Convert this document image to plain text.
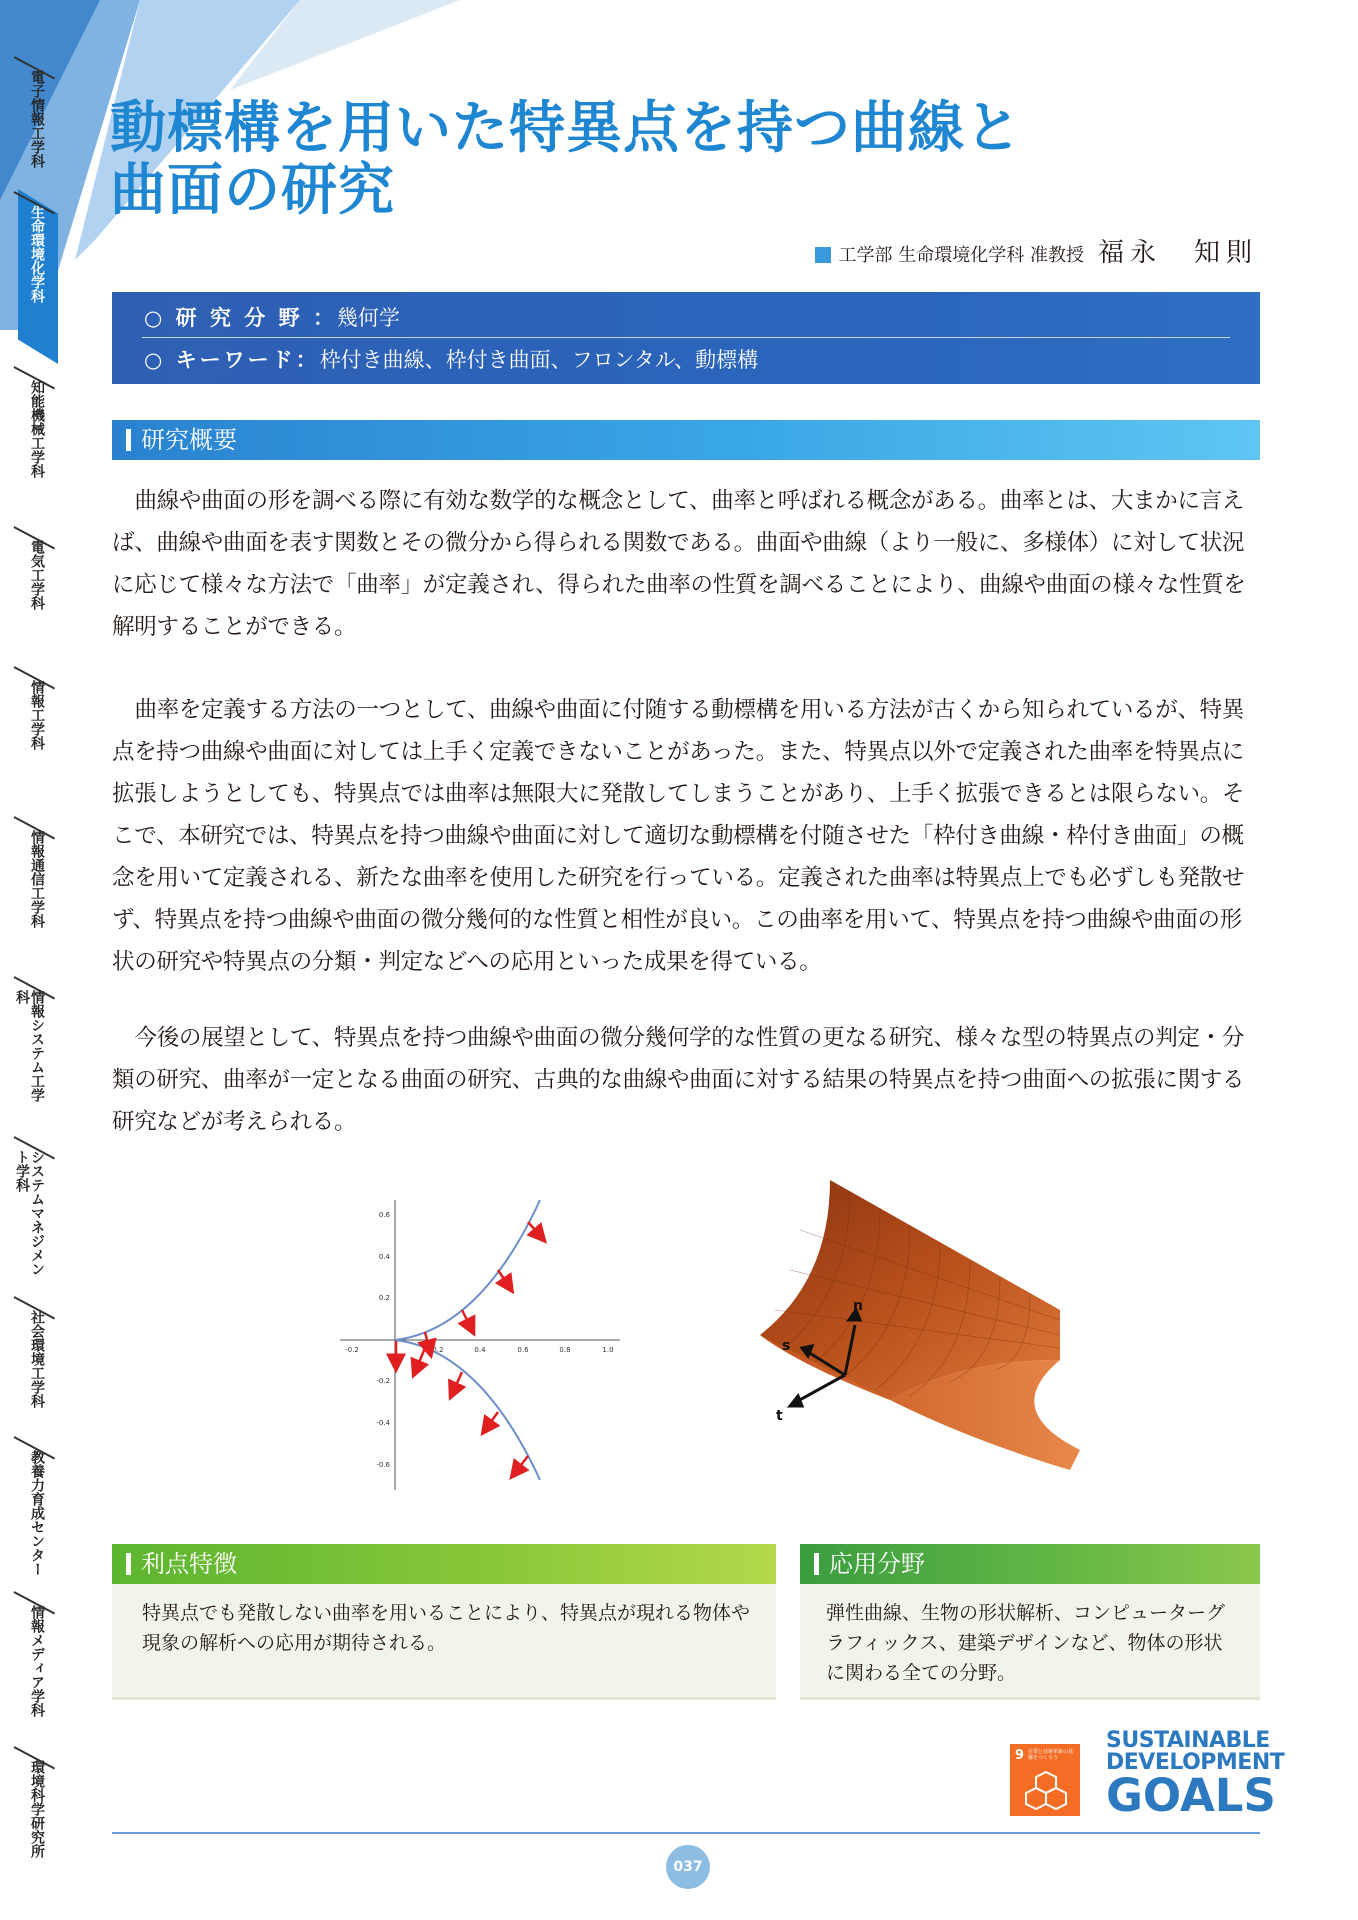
電子情報工学科
生命環境化学科
知能機械工学科
電気工学科
情報工学科
情報通信工学科
情報システム工学科
システムマネジメント学科
社会環境工学科
教養力育成センター
情報メディア学科
環境科学研究所
動標構を用いた特異点を持つ曲線と
曲面の研究
工学部 生命環境化学科 准教授 福永　知則
○ 研 究 分 野 ：幾何学
○ キーワード：枠付き曲線、枠付き曲面、フロンタル、動標構
研究概要
曲線や曲面の形を調べる際に有効な数学的な概念として、曲率と呼ばれる概念がある。曲率とは、大まかに言えば、曲線や曲面を表す関数とその微分から得られる関数である。曲面や曲線（より一般に、多様体）に対して状況に応じて様々な方法で「曲率」が定義され、得られた曲率の性質を調べることにより、曲線や曲面の様々な性質を解明することができる。
曲率を定義する方法の一つとして、曲線や曲面に付随する動標構を用いる方法が古くから知られているが、特異点を持つ曲線や曲面に対しては上手く定義できないことがあった。また、特異点以外で定義された曲率を特異点に拡張しようとしても、特異点では曲率は無限大に発散してしまうことがあり、上手く拡張できるとは限らない。そこで、本研究では、特異点を持つ曲線や曲面に対して適切な動標構を付随させた「枠付き曲線・枠付き曲面」の概念を用いて定義される、新たな曲率を使用した研究を行っている。定義された曲率は特異点上でも必ずしも発散せず、特異点を持つ曲線や曲面の微分幾何的な性質と相性が良い。この曲率を用いて、特異点を持つ曲線や曲面の形状の研究や特異点の分類・判定などへの応用といった成果を得ている。
今後の展望として、特異点を持つ曲線や曲面の微分幾何学的な性質の更なる研究、様々な型の特異点の判定・分類の研究、曲率が一定となる曲面の研究、古典的な曲線や曲面に対する結果の特異点を持つ曲面への拡張に関する研究などが考えられる。
-0.2	0.2	0.4	0.6	0.8	1.0
0.6
0.4
0.2
-0.2
-0.4
-0.6
n
s
t
利点特徴
特異点でも発散しない曲率を用いることにより、特異点が現れる物体や現象の解析への応用が期待される。
応用分野
弾性曲線、生物の形状解析、コンピューターグラフィックス、建築デザインなど、物体の形状に関わる全ての分野。
9 産業と技術革新の基盤をつくろう
SUSTAINABLE
DEVELOPMENT
GOALS
037
